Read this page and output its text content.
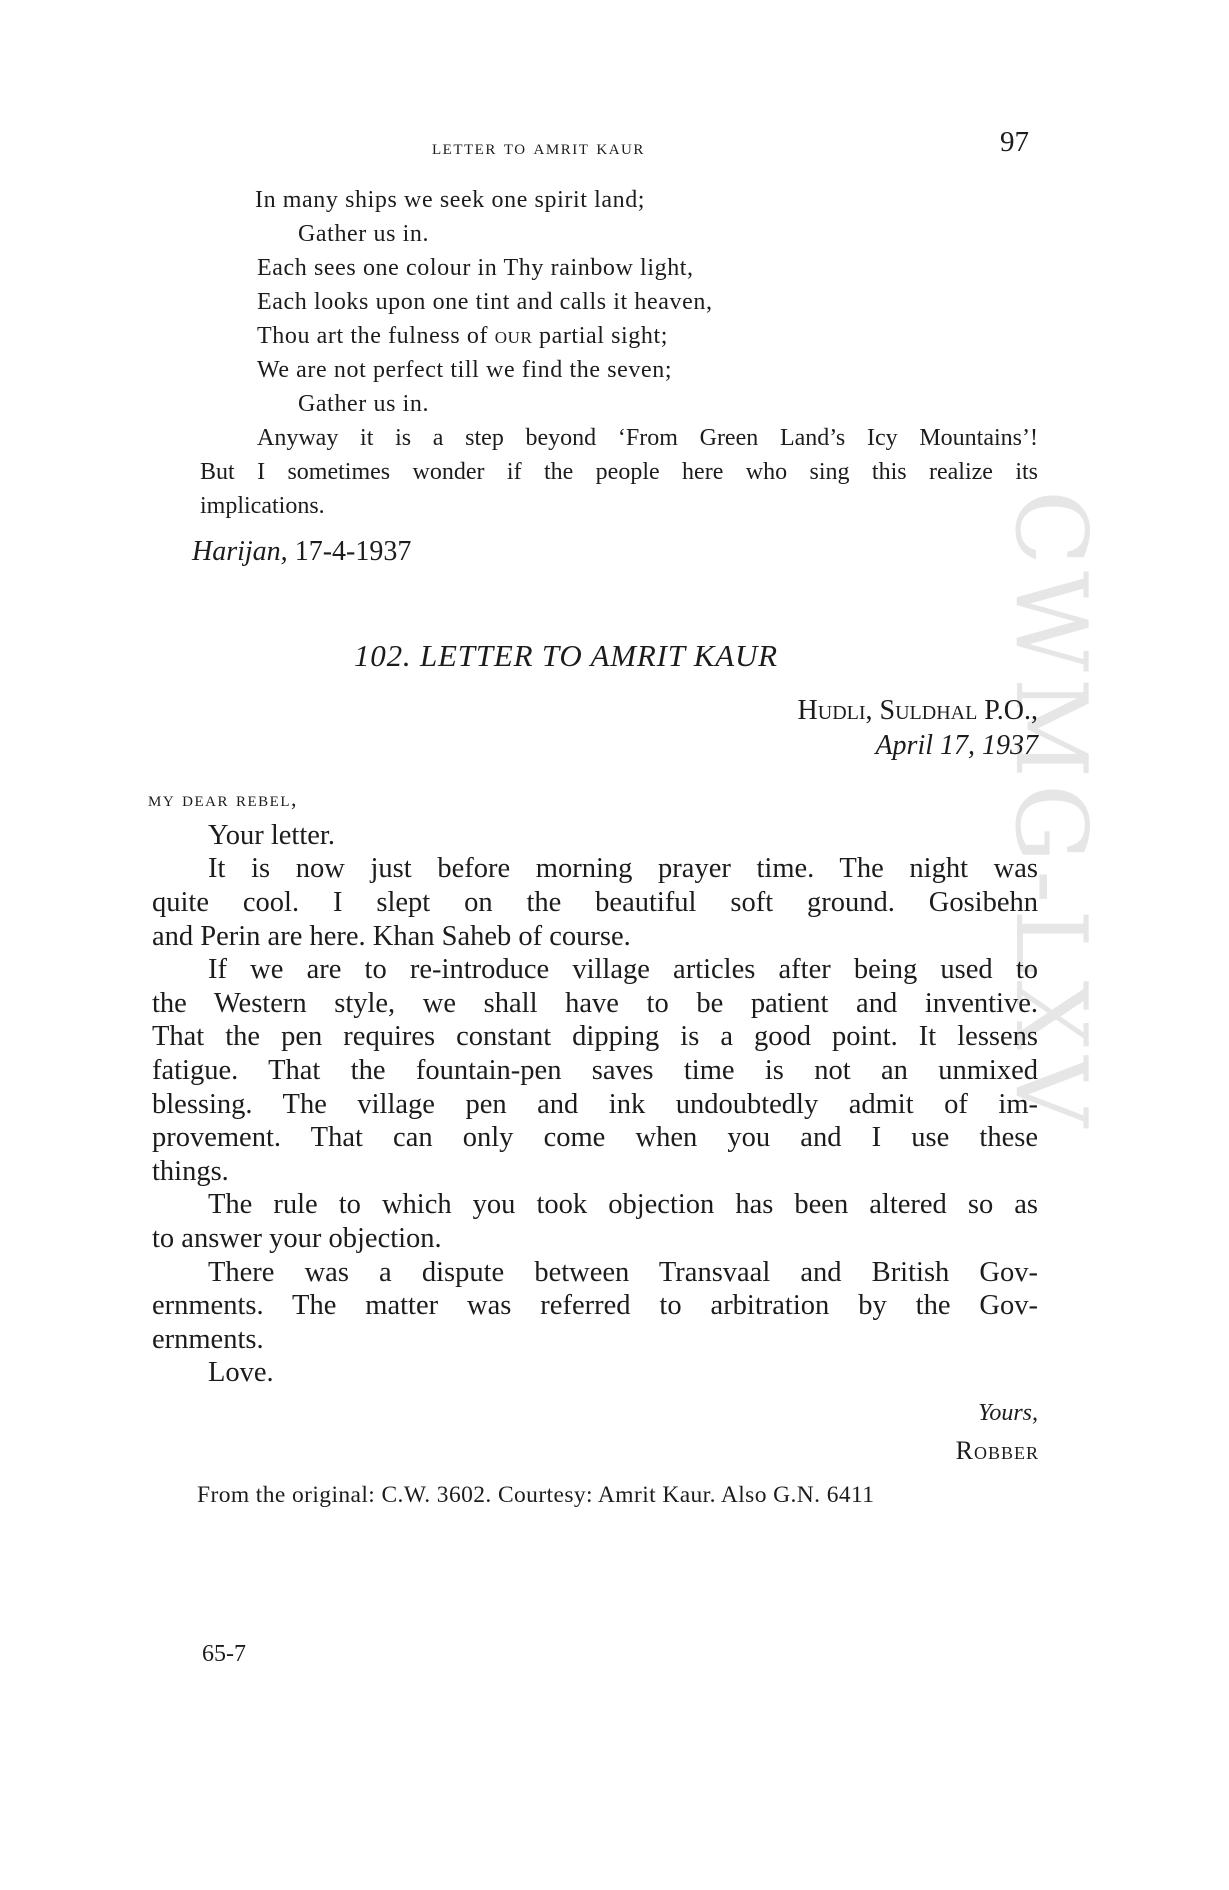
letter to amrit kaur	97
CWMG-LXV
In many ships we seek one spirit land;
Gather us in.
Each sees one colour in Thy rainbow light,
Each looks upon one tint and calls it heaven,
Thou art the fulness of our partial sight;
We are not perfect till we find the seven;
Gather us in.
Anyway it is a step beyond ‘From Green Land’s Icy Mountains’!
But I sometimes wonder if the people here who sing this realize its
implications.
Harijan, 17-4-1937
102. LETTER TO AMRIT KAUR
Hudli, Suldhal P.O.,
April 17, 1937
my dear rebel,
Your letter.
It is now just before morning prayer time. The night was
quite cool. I slept on the beautiful soft ground. Gosibehn
and Perin are here. Khan Saheb of course.
If we are to re-introduce village articles after being used to
the Western style, we shall have to be patient and inventive.
That the pen requires constant dipping is a good point. It lessens
fatigue. That the fountain-pen saves time is not an unmixed
blessing. The village pen and ink undoubtedly admit of im-
provement. That can only come when you and I use these
things.
The rule to which you took objection has been altered so as
to answer your objection.
There was a dispute between Transvaal and British Gov-
ernments. The matter was referred to arbitration by the Gov-
ernments.
Love.
Yours,
Robber
From the original: C.W. 3602. Courtesy: Amrit Kaur. Also G.N. 6411
65-7
